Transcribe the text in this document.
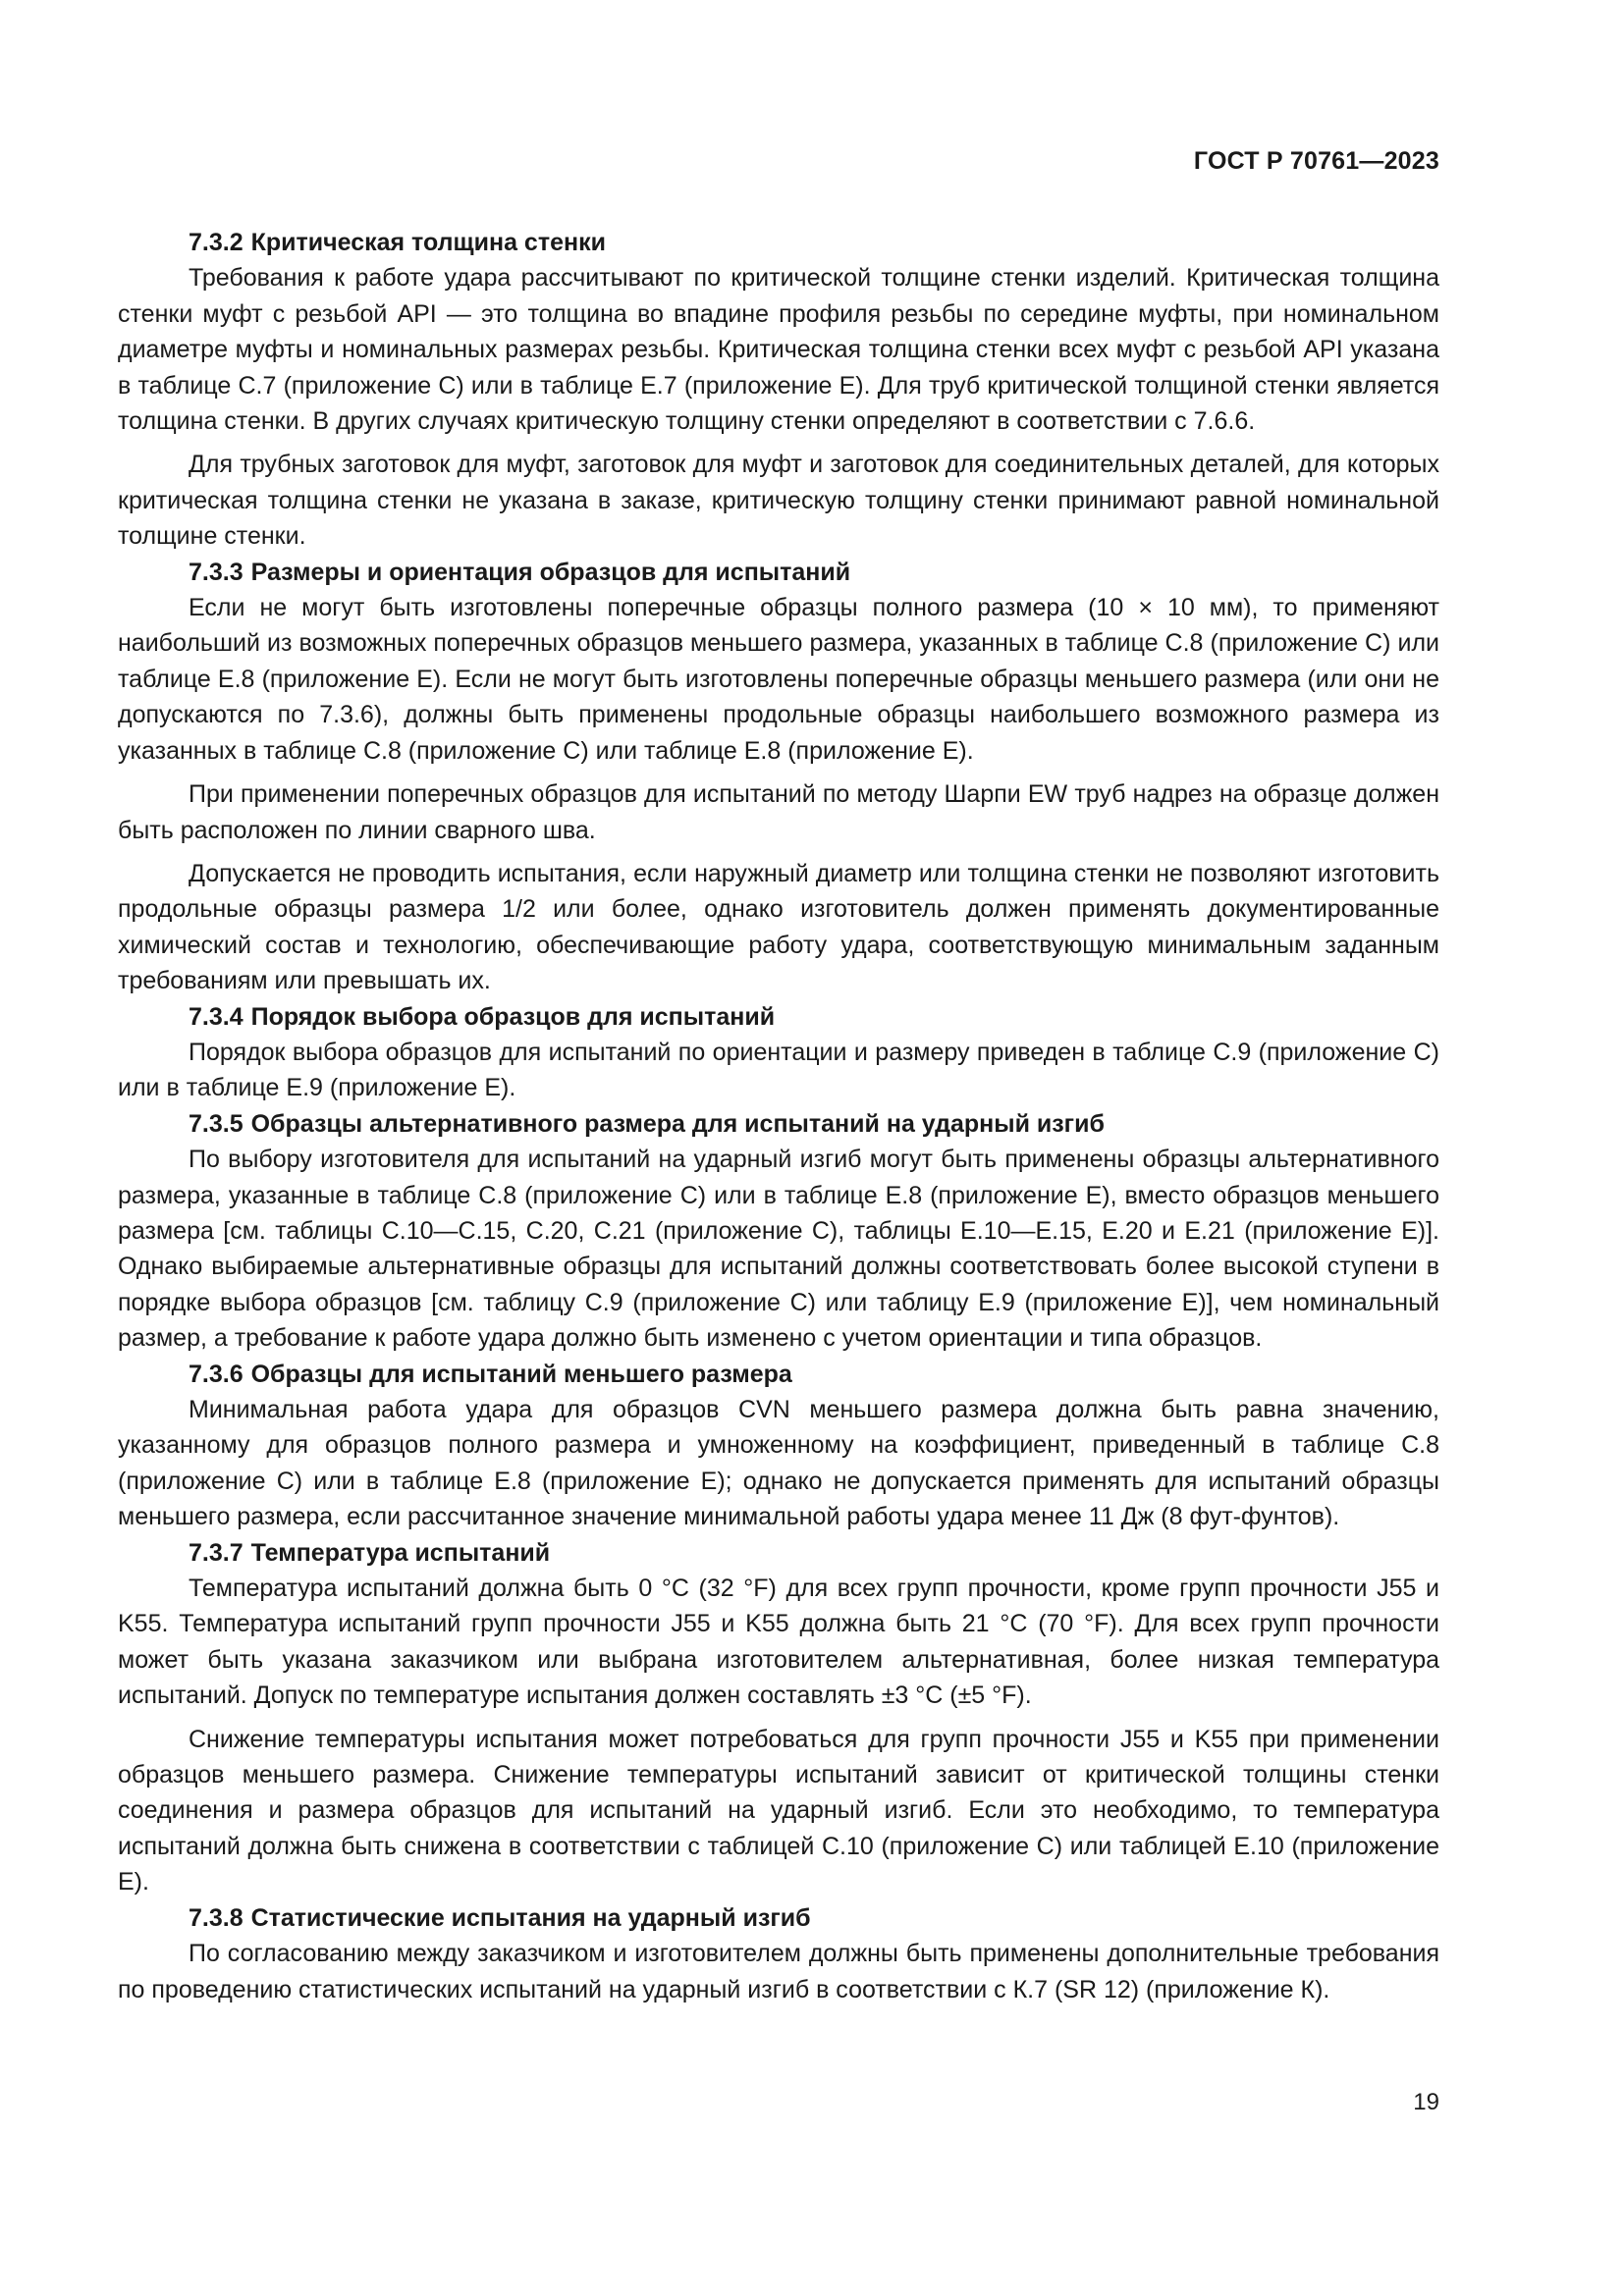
ГОСТ Р 70761—2023

7.3.2 Критическая толщина стенки

Требования к работе удара рассчитывают по критической толщине стенки изделий. Критическая толщина стенки муфт с резьбой API — это толщина во впадине профиля резьбы по середине муфты, при номинальном диаметре муфты и номинальных размерах резьбы. Критическая толщина стенки всех муфт с резьбой API указана в таблице С.7 (приложение С) или в таблице Е.7 (приложение Е). Для труб критической толщиной стенки является толщина стенки. В других случаях критическую толщину стенки определяют в соответствии с 7.6.6.

Для трубных заготовок для муфт, заготовок для муфт и заготовок для соединительных деталей, для которых критическая толщина стенки не указана в заказе, критическую толщину стенки принимают равной номинальной толщине стенки.

7.3.3 Размеры и ориентация образцов для испытаний

Если не могут быть изготовлены поперечные образцы полного размера (10 × 10 мм), то применяют наибольший из возможных поперечных образцов меньшего размера, указанных в таблице С.8 (приложение С) или таблице Е.8 (приложение Е). Если не могут быть изготовлены поперечные образцы меньшего размера (или они не допускаются по 7.3.6), должны быть применены продольные образцы наибольшего возможного размера из указанных в таблице С.8 (приложение С) или таблице Е.8 (приложение Е).

При применении поперечных образцов для испытаний по методу Шарпи EW труб надрез на образце должен быть расположен по линии сварного шва.

Допускается не проводить испытания, если наружный диаметр или толщина стенки не позволяют изготовить продольные образцы размера 1/2 или более, однако изготовитель должен применять документированные химический состав и технологию, обеспечивающие работу удара, соответствующую минимальным заданным требованиям или превышать их.

7.3.4 Порядок выбора образцов для испытаний

Порядок выбора образцов для испытаний по ориентации и размеру приведен в таблице С.9 (приложение С) или в таблице Е.9 (приложение Е).

7.3.5 Образцы альтернативного размера для испытаний на ударный изгиб

По выбору изготовителя для испытаний на ударный изгиб могут быть применены образцы альтернативного размера, указанные в таблице С.8 (приложение С) или в таблице Е.8 (приложение Е), вместо образцов меньшего размера [см. таблицы С.10—С.15, С.20, С.21 (приложение С), таблицы Е.10—Е.15, Е.20 и Е.21 (приложение Е)]. Однако выбираемые альтернативные образцы для испытаний должны соответствовать более высокой ступени в порядке выбора образцов [см. таблицу С.9 (приложение С) или таблицу Е.9 (приложение Е)], чем номинальный размер, а требование к работе удара должно быть изменено с учетом ориентации и типа образцов.

7.3.6 Образцы для испытаний меньшего размера

Минимальная работа удара для образцов CVN меньшего размера должна быть равна значению, указанному для образцов полного размера и умноженному на коэффициент, приведенный в таблице С.8 (приложение С) или в таблице Е.8 (приложение Е); однако не допускается применять для испытаний образцы меньшего размера, если рассчитанное значение минимальной работы удара менее 11 Дж (8 фут-фунтов).

7.3.7 Температура испытаний

Температура испытаний должна быть 0 °С (32 °F) для всех групп прочности, кроме групп прочности J55 и K55. Температура испытаний групп прочности J55 и K55 должна быть 21 °С (70 °F). Для всех групп прочности может быть указана заказчиком или выбрана изготовителем альтернативная, более низкая температура испытаний. Допуск по температуре испытания должен составлять ±3 °С (±5 °F).

Снижение температуры испытания может потребоваться для групп прочности J55 и K55 при применении образцов меньшего размера. Снижение температуры испытаний зависит от критической толщины стенки соединения и размера образцов для испытаний на ударный изгиб. Если это необходимо, то температура испытаний должна быть снижена в соответствии с таблицей С.10 (приложение С) или таблицей Е.10 (приложение Е).

7.3.8 Статистические испытания на ударный изгиб

По согласованию между заказчиком и изготовителем должны быть применены дополнительные требования по проведению статистических испытаний на ударный изгиб в соответствии с К.7 (SR 12) (приложение К).

19
